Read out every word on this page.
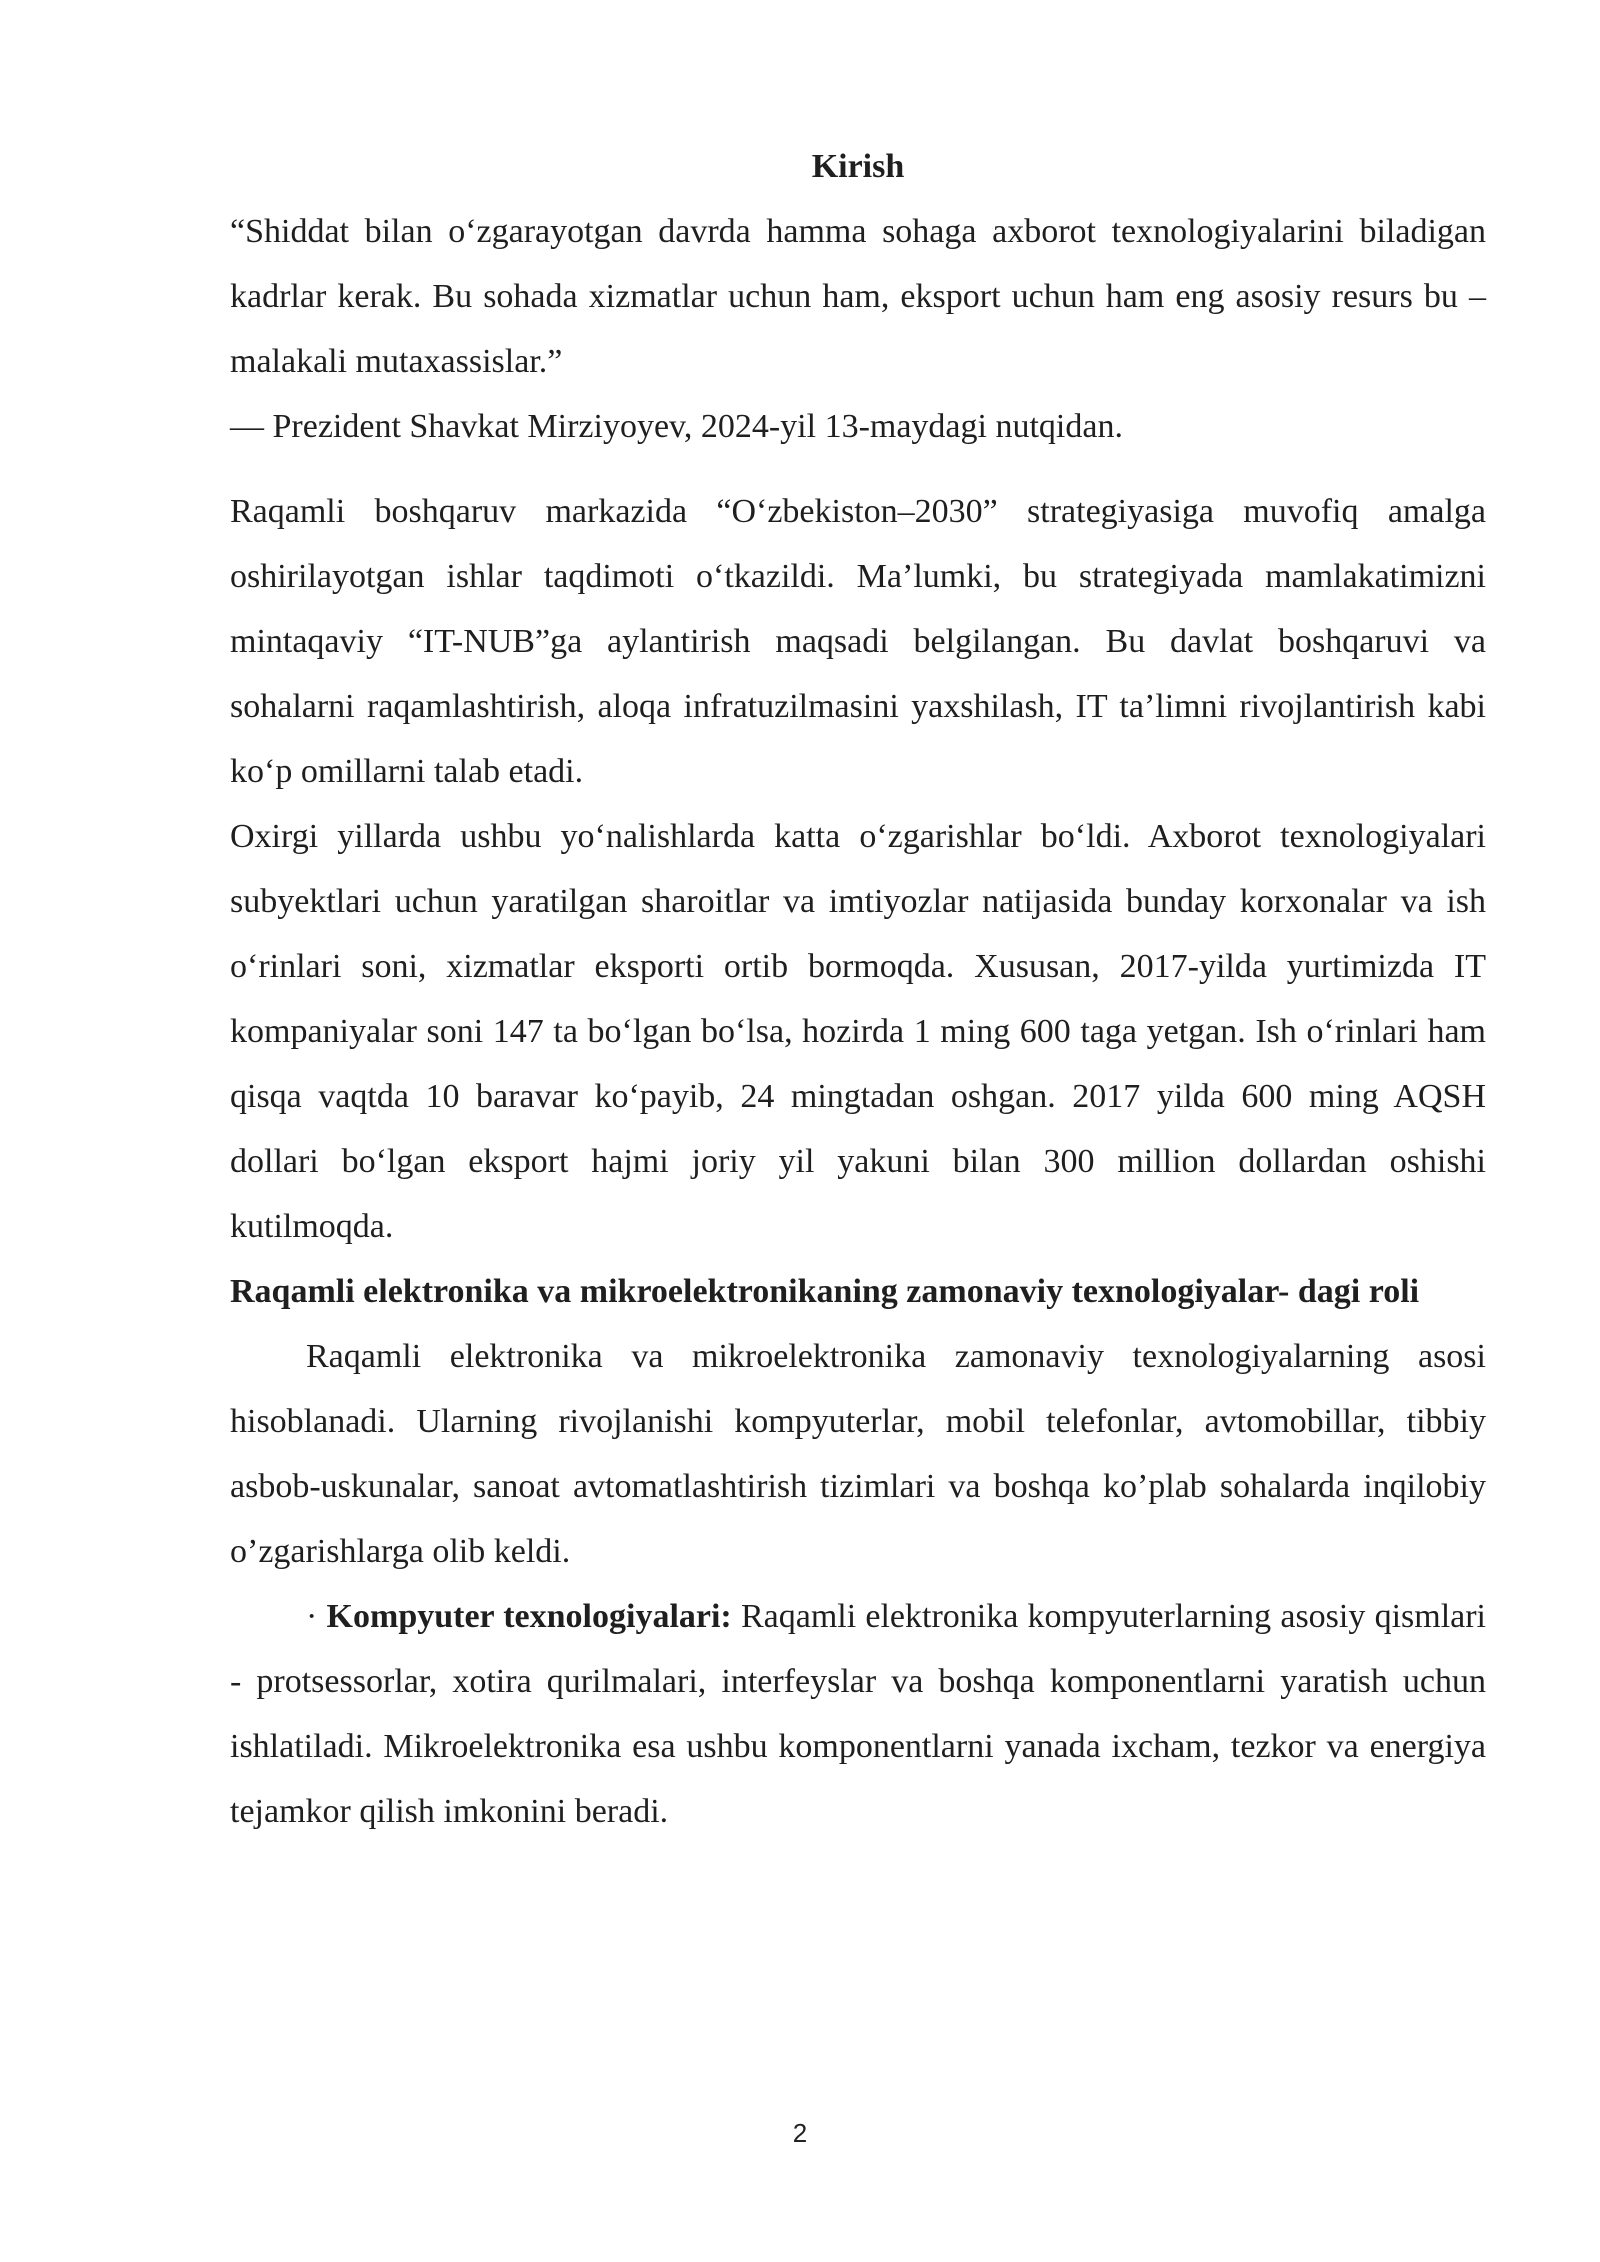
Kirish

“Shiddat bilan o‘zgarayotgan davrda hamma sohaga axborot texnologiyalarini biladigan kadrlar kerak. Bu sohada xizmatlar uchun ham, eksport uchun ham eng asosiy resurs bu – malakali mutaxassislar.”

— Prezident Shavkat Mirziyoyev, 2024-yil 13-maydagi nutqidan.

Raqamli boshqaruv markazida “O‘zbekiston–2030” strategiyasiga muvofiq amalga oshirilayotgan ishlar taqdimoti o‘tkazildi. Ma’lumki, bu strategiyada mamlakatimizni mintaqaviy “IT-NUB”ga aylantirish maqsadi belgilangan. Bu davlat boshqaruvi va sohalarni raqamlashtirish, aloqa infratuzilmasini yaxshilash, IT ta’limni rivojlantirish kabi ko‘p omillarni talab etadi.

Oxirgi yillarda ushbu yo‘nalishlarda katta o‘zgarishlar bo‘ldi. Axborot texnologiyalari subyektlari uchun yaratilgan sharoitlar va imtiyozlar natijasida bunday korxonalar va ish o‘rinlari soni, xizmatlar eksporti ortib bormoqda. Xususan, 2017-yilda yurtimizda IT kompaniyalar soni 147 ta bo‘lgan bo‘lsa, hozirda 1 ming 600 taga yetgan. Ish o‘rinlari ham qisqa vaqtda 10 baravar ko‘payib, 24 mingtadan oshgan. 2017 yilda 600 ming AQSH dollari bo‘lgan eksport hajmi joriy yil yakuni bilan 300 million dollardan oshishi kutilmoqda.

Raqamli elektronika va mikroelektronikaning zamonaviy texnologiyalar- dagi roli

Raqamli elektronika va mikroelektronika zamonaviy texnologiyalarning asosi hisoblanadi. Ularning rivojlanishi kompyuterlar, mobil telefonlar, avtomobillar, tibbiy asbob-uskunalar, sanoat avtomatlashtirish tizimlari va boshqa ko’plab sohalarda inqilobiy o’zgarishlarga olib keldi.

· Kompyuter texnologiyalari: Raqamli elektronika kompyuterlarning asosiy qismlari - protsessorlar, xotira qurilmalari, interfeyslar va boshqa komponentlarni yaratish uchun ishlatiladi. Mikroelektronika esa ushbu komponentlarni yanada ixcham, tezkor va energiya tejamkor qilish imkonini beradi.

2
